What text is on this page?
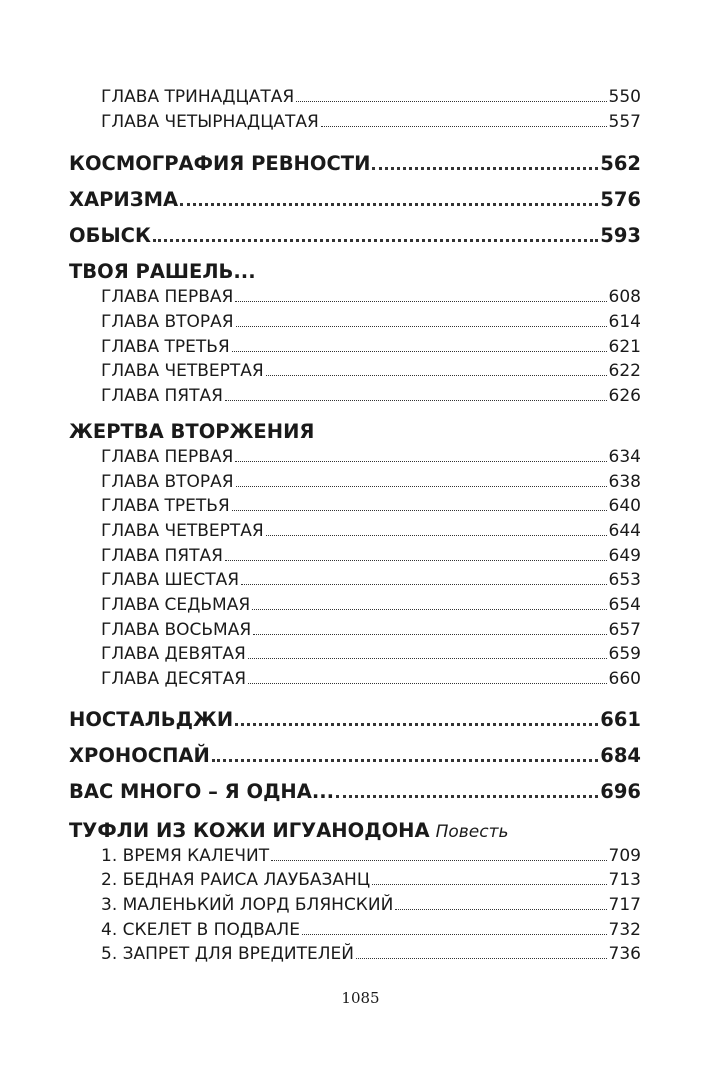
ГЛАВА ТРИНАДЦАТАЯ	550
ГЛАВА ЧЕТЫРНАДЦАТАЯ	557
КОСМОГРАФИЯ РЕВНОСТИ	562
ХАРИЗМА	576
ОБЫСК	593
ТВОЯ РАШЕЛЬ...
ГЛАВА ПЕРВАЯ	608
ГЛАВА ВТОРАЯ	614
ГЛАВА ТРЕТЬЯ	621
ГЛАВА ЧЕТВЕРТАЯ	622
ГЛАВА ПЯТАЯ	626
ЖЕРТВА ВТОРЖЕНИЯ
ГЛАВА ПЕРВАЯ	634
ГЛАВА ВТОРАЯ	638
ГЛАВА ТРЕТЬЯ	640
ГЛАВА ЧЕТВЕРТАЯ	644
ГЛАВА ПЯТАЯ	649
ГЛАВА ШЕСТАЯ	653
ГЛАВА СЕДЬМАЯ	654
ГЛАВА ВОСЬМАЯ	657
ГЛАВА ДЕВЯТАЯ	659
ГЛАВА ДЕСЯТАЯ	660
НОСТАЛЬДЖИ	661
ХРОНОСПАЙ	684
ВАС МНОГО – Я ОДНА...	696
ТУФЛИ ИЗ КОЖИ ИГУАНОДОНА Повесть
1. ВРЕМЯ КАЛЕЧИТ	709
2. БЕДНАЯ РАИСА ЛАУБАЗАНЦ	713
3. МАЛЕНЬКИЙ ЛОРД БЛЯНСКИЙ	717
4. СКЕЛЕТ В ПОДВАЛЕ	732
5. ЗАПРЕТ ДЛЯ ВРЕДИТЕЛЕЙ	736
1085
